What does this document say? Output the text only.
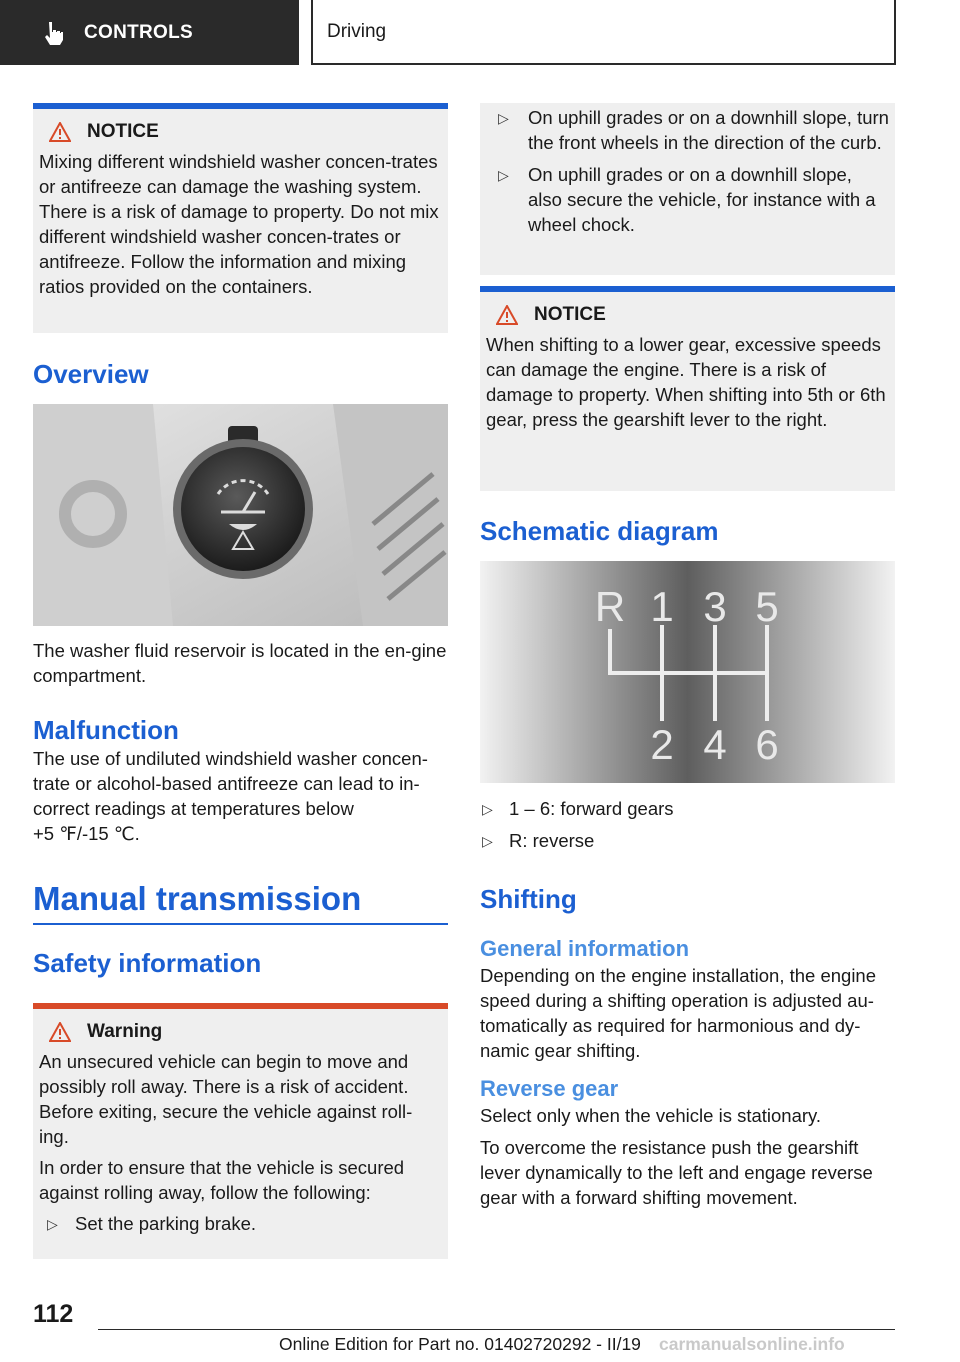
CONTROLS	Driving
NOTICE

Mixing different windshield washer concen-trates or antifreeze can damage the washing system. There is a risk of damage to property. Do not mix different windshield washer concen-trates or antifreeze. Follow the information and mixing ratios provided on the containers.

Overview

The washer fluid reservoir is located in the en-gine compartment.

Malfunction

The use of undiluted windshield washer concen-trate or alcohol-based antifreeze can lead to in-correct readings at temperatures below

+5 ℉/-15 ℃.

Manual transmission
Safety information
Warning

An unsecured vehicle can begin to move and possibly roll away. There is a risk of accident. Before exiting, secure the vehicle against roll-ing.

In order to ensure that the vehicle is secured against rolling away, follow the following:

▷ Set the parking brake.
▷ On uphill grades or on a downhill slope, turn the front wheels in the direction of the curb.
▷ On uphill grades or on a downhill slope, also secure the vehicle, for instance with a wheel chock.
NOTICE

When shifting to a lower gear, excessive speeds can damage the engine. There is a risk of damage to property. When shifting into 5th or 6th gear, press the gearshift lever to the right.

Schematic diagram
R 1 3 5
2 4 6
▷ 1 – 6: forward gears
▷ R: reverse
Shifting
General information

Depending on the engine installation, the engine speed during a shifting operation is adjusted au-tomatically as required for harmonious and dy-namic gear shifting.

Reverse gear

Select only when the vehicle is stationary.

To overcome the resistance push the gearshift lever dynamically to the left and engage reverse gear with a forward shifting movement.

112
Online Edition for Part no. 01402720292 - II/19 carmanualsonline.info
